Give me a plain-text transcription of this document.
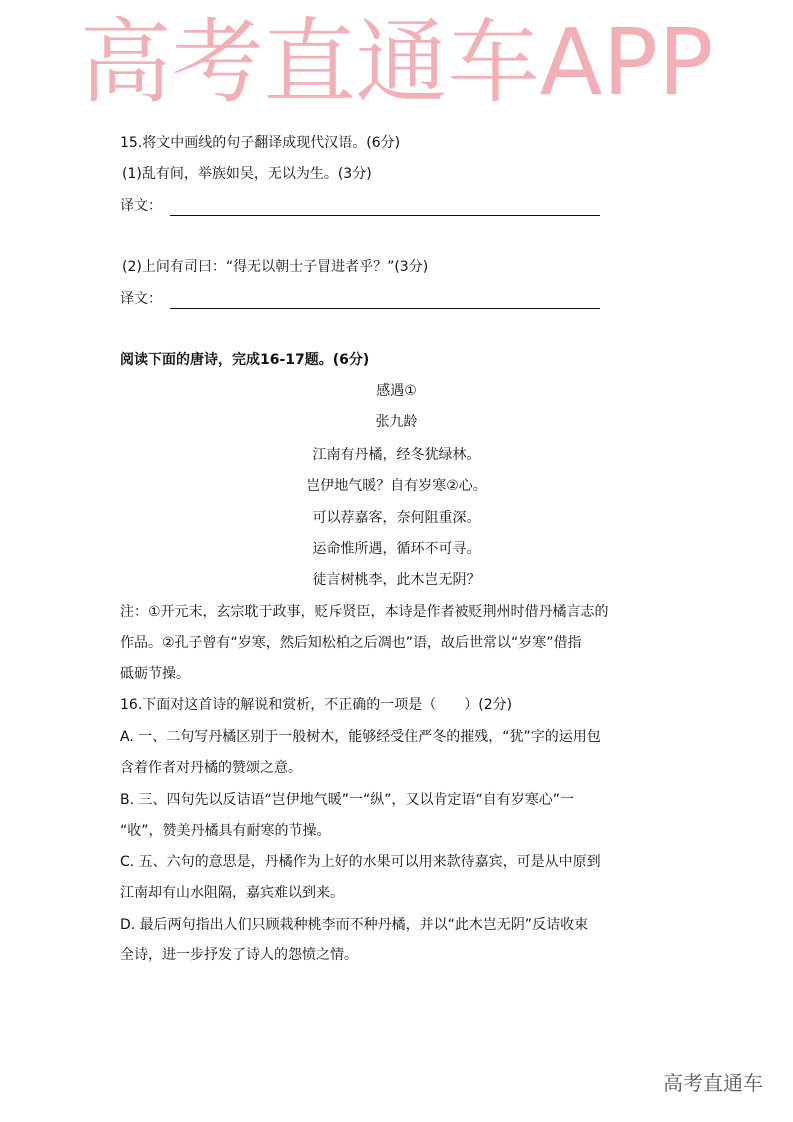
高考直通车APP
15.将文中画线的句子翻译成现代汉语。(6分)
(1)乱有间，举族如吴，无以为生。(3分)
译文：
(2)上问有司曰：“得无以朝士子冒进者乎？”(3分)
译文：
阅读下面的唐诗，完成16-17题。(6分)
感遇①
张九龄
江南有丹橘，经冬犹绿林。
岂伊地气暖？自有岁寒②心。
可以荐嘉客，奈何阻重深。
运命惟所遇，循环不可寻。
徒言树桃李，此木岂无阴？
注：①开元末，玄宗耽于政事，贬斥贤臣，本诗是作者被贬荆州时借丹橘言志的
作品。②孔子曾有“岁寒，然后知松柏之后凋也”语，故后世常以“岁寒”借指
砥砺节操。
16.下面对这首诗的解说和赏析，不正确的一项是（　　）(2分)
A. 一、二句写丹橘区别于一般树木，能够经受住严冬的摧残，“犹”字的运用包
含着作者对丹橘的赞颂之意。
B. 三、四句先以反诘语“岂伊地气暖”一“纵”，又以肯定语“自有岁寒心”一
“收”，赞美丹橘具有耐寒的节操。
C. 五、六句的意思是，丹橘作为上好的水果可以用来款待嘉宾，可是从中原到
江南却有山水阻隔，嘉宾难以到来。
D. 最后两句指出人们只顾栽种桃李而不种丹橘，并以“此木岂无阴”反诘收束
全诗，进一步抒发了诗人的怨愤之情。
高考直通车
